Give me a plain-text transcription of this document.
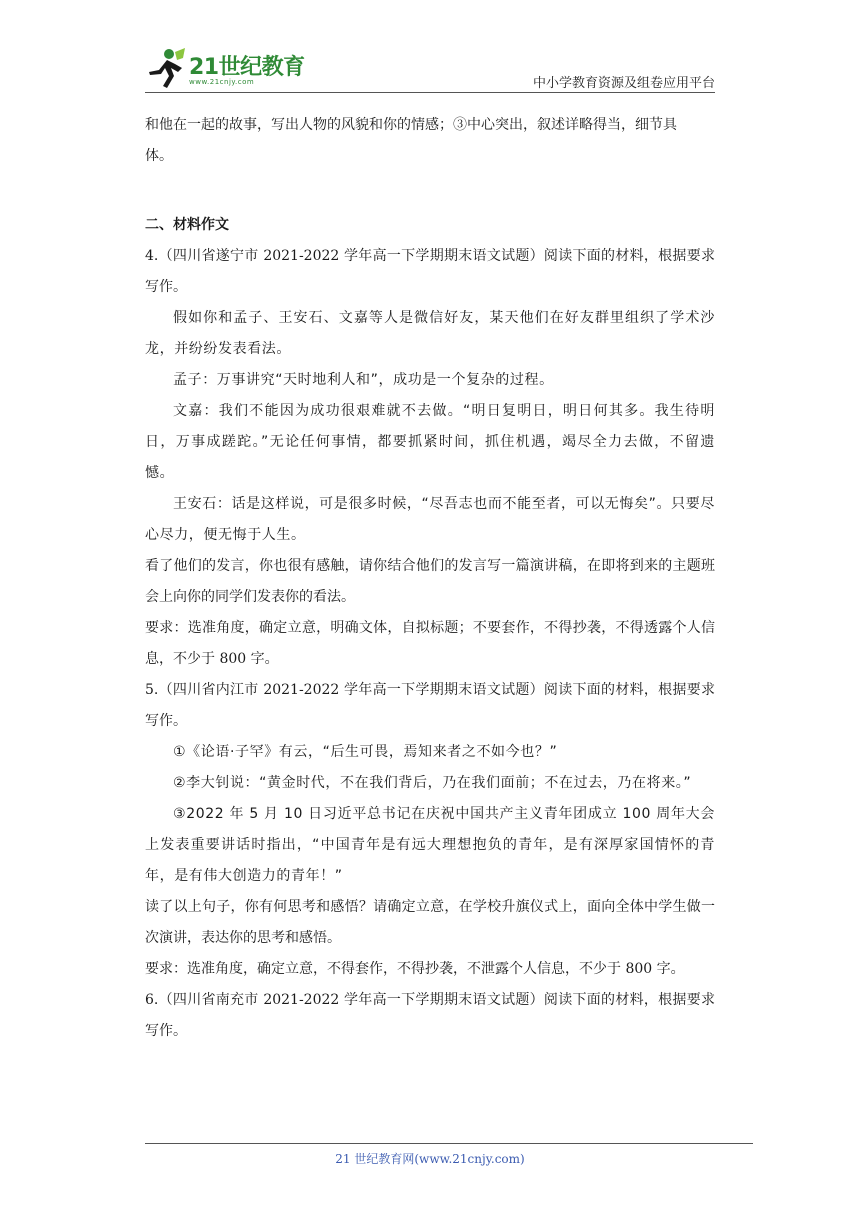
21世纪教育
www.21cnjy.com	中小学教育资源及组卷应用平台

和他在一起的故事，写出人物的风貌和你的情感；③中心突出，叙述详略得当，细节具
体。

二、材料作文

4.（四川省遂宁市 2021-2022 学年高一下学期期末语文试题）阅读下面的材料，根据要求写作。

假如你和孟子、王安石、文嘉等人是微信好友，某天他们在好友群里组织了学术沙龙，并纷纷发表看法。

孟子：万事讲究“天时地利人和”，成功是一个复杂的过程。

文嘉：我们不能因为成功很艰难就不去做。“明日复明日，明日何其多。我生待明日，万事成蹉跎。”无论任何事情，都要抓紧时间，抓住机遇，竭尽全力去做，不留遗憾。

王安石：话是这样说，可是很多时候，“尽吾志也而不能至者，可以无悔矣”。只要尽心尽力，便无悔于人生。

看了他们的发言，你也很有感触，请你结合他们的发言写一篇演讲稿，在即将到来的主题班会上向你的同学们发表你的看法。

要求：选准角度，确定立意，明确文体，自拟标题；不要套作，不得抄袭，不得透露个人信息，不少于 800 字。

5.（四川省内江市 2021-2022 学年高一下学期期末语文试题）阅读下面的材料，根据要求写作。

①《论语·子罕》有云，“后生可畏，焉知来者之不如今也？”

②李大钊说：“黄金时代，不在我们背后，乃在我们面前；不在过去，乃在将来。”

③2022 年 5 月 10 日习近平总书记在庆祝中国共产主义青年团成立 100 周年大会上发表重要讲话时指出，“中国青年是有远大理想抱负的青年，是有深厚家国情怀的青年，是有伟大创造力的青年！”

读了以上句子，你有何思考和感悟？请确定立意，在学校升旗仪式上，面向全体中学生做一次演讲，表达你的思考和感悟。

要求：选准角度，确定立意，不得套作，不得抄袭，不泄露个人信息，不少于 800 字。

6.（四川省南充市 2021-2022 学年高一下学期期末语文试题）阅读下面的材料，根据要求写作。

21 世纪教育网(www.21cnjy.com)
